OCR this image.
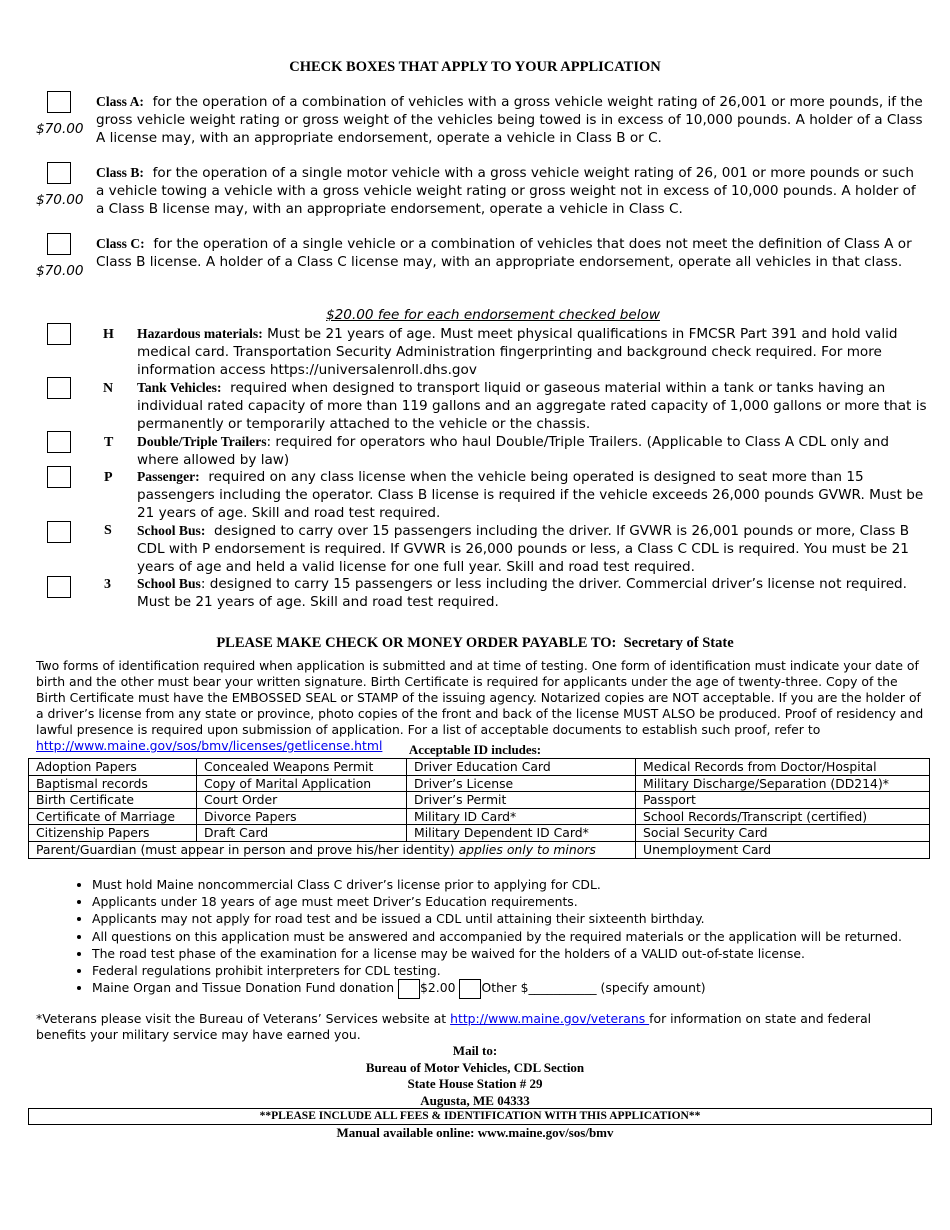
CHECK BOXES THAT APPLY TO YOUR APPLICATION
$70.00
Class A: for the operation of a combination of vehicles with a gross vehicle weight rating of 26,001 or more pounds, if the gross vehicle weight rating or gross weight of the vehicles being towed is in excess of 10,000 pounds. A holder of a Class A license may, with an appropriate endorsement, operate a vehicle in Class B or C.
$70.00
Class B: for the operation of a single motor vehicle with a gross vehicle weight rating of 26, 001 or more pounds or such a vehicle towing a vehicle with a gross vehicle weight rating or gross weight not in excess of 10,000 pounds. A holder of a Class B license may, with an appropriate endorsement, operate a vehicle in Class C.
$70.00
Class C: for the operation of a single vehicle or a combination of vehicles that does not meet the definition of Class A or Class B license. A holder of a Class C license may, with an appropriate endorsement, operate all vehicles in that class.
$20.00 fee for each endorsement checked below
H Hazardous materials: Must be 21 years of age. Must meet physical qualifications in FMCSR Part 391 and hold valid medical card. Transportation Security Administration fingerprinting and background check required. For more information access https://universalenroll.dhs.gov
N Tank Vehicles: required when designed to transport liquid or gaseous material within a tank or tanks having an individual rated capacity of more than 119 gallons and an aggregate rated capacity of 1,000 gallons or more that is permanently or temporarily attached to the vehicle or the chassis.
T Double/Triple Trailers: required for operators who haul Double/Triple Trailers. (Applicable to Class A CDL only and where allowed by law)
P Passenger: required on any class license when the vehicle being operated is designed to seat more than 15 passengers including the operator. Class B license is required if the vehicle exceeds 26,000 pounds GVWR. Must be 21 years of age. Skill and road test required.
S School Bus: designed to carry over 15 passengers including the driver. If GVWR is 26,001 pounds or more, Class B CDL with P endorsement is required. If GVWR is 26,000 pounds or less, a Class C CDL is required. You must be 21 years of age and held a valid license for one full year. Skill and road test required.
3 School Bus: designed to carry 15 passengers or less including the driver. Commercial driver’s license not required. Must be 21 years of age. Skill and road test required.
PLEASE MAKE CHECK OR MONEY ORDER PAYABLE TO: Secretary of State
Two forms of identification required when application is submitted and at time of testing. One form of identification must indicate your date of birth and the other must bear your written signature. Birth Certificate is required for applicants under the age of twenty-three. Copy of the Birth Certificate must have the EMBOSSED SEAL or STAMP of the issuing agency. Notarized copies are NOT acceptable. If you are the holder of a driver’s license from any state or province, photo copies of the front and back of the license MUST ALSO be produced. Proof of residency and lawful presence is required upon submission of application. For a list of acceptable documents to establish such proof, refer to http://www.maine.gov/sos/bmv/licenses/getlicense.html	Acceptable ID includes:
Adoption Papers	Concealed Weapons Permit	Driver Education Card	Medical Records from Doctor/Hospital
Baptismal records	Copy of Marital Application	Driver’s License	Military Discharge/Separation (DD214)*
Birth Certificate	Court Order	Driver’s Permit	Passport
Certificate of Marriage	Divorce Papers	Military ID Card*	School Records/Transcript (certified)
Citizenship Papers	Draft Card	Military Dependent ID Card*	Social Security Card
Parent/Guardian (must appear in person and prove his/her identity) applies only to minors			Unemployment Card
• Must hold Maine noncommercial Class C driver’s license prior to applying for CDL.
• Applicants under 18 years of age must meet Driver’s Education requirements.
• Applicants may not apply for road test and be issued a CDL until attaining their sixteenth birthday.
• All questions on this application must be answered and accompanied by the required materials or the application will be returned.
• The road test phase of the examination for a license may be waived for the holders of a VALID out-of-state license.
• Federal regulations prohibit interpreters for CDL testing.
• Maine Organ and Tissue Donation Fund donation $2.00 Other $___________ (specify amount)
*Veterans please visit the Bureau of Veterans’ Services website at http://www.maine.gov/veterans for information on state and federal benefits your military service may have earned you.
Mail to:
Bureau of Motor Vehicles, CDL Section
State House Station # 29
Augusta, ME 04333
**PLEASE INCLUDE ALL FEES & IDENTIFICATION WITH THIS APPLICATION**
Manual available online: www.maine.gov/sos/bmv
